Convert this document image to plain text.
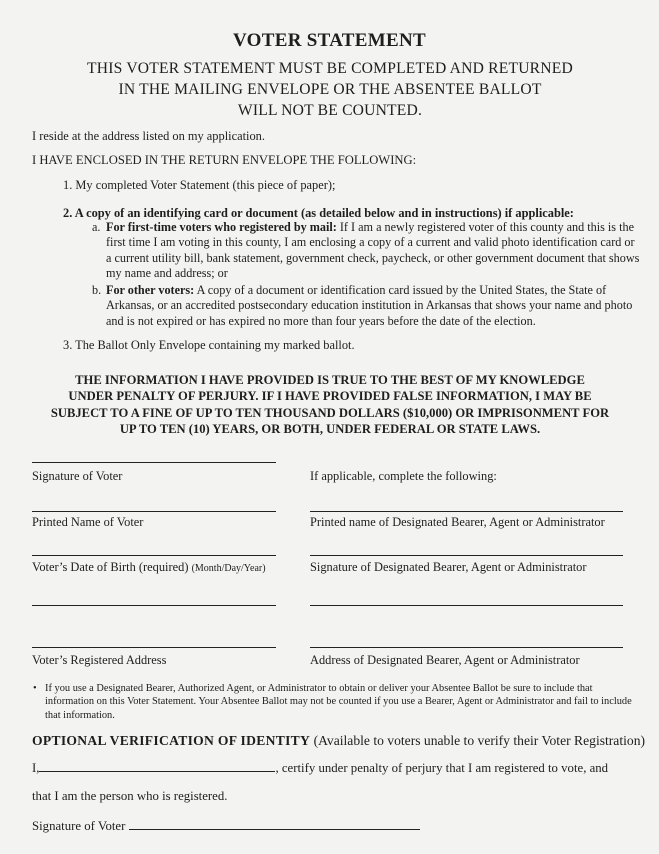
VOTER STATEMENT
THIS VOTER STATEMENT MUST BE COMPLETED AND RETURNED
IN THE MAILING ENVELOPE OR THE ABSENTEE BALLOT
WILL NOT BE COUNTED.
I reside at the address listed on my application.
I HAVE ENCLOSED IN THE RETURN ENVELOPE THE FOLLOWING:
1. My completed Voter Statement (this piece of paper);
2. A copy of an identifying card or document (as detailed below and in instructions) if applicable:
a. For first-time voters who registered by mail: If I am a newly registered voter of this county and this is the first time I am voting in this county, I am enclosing a copy of a current and valid photo identification card or a current utility bill, bank statement, government check, paycheck, or other government document that shows my name and address; or
b. For other voters: A copy of a document or identification card issued by the United States, the State of Arkansas, or an accredited postsecondary education institution in Arkansas that shows your name and photo and is not expired or has expired no more than four years before the date of the election.
3. The Ballot Only Envelope containing my marked ballot.
THE INFORMATION I HAVE PROVIDED IS TRUE TO THE BEST OF MY KNOWLEDGE
UNDER PENALTY OF PERJURY. IF I HAVE PROVIDED FALSE INFORMATION, I MAY BE
SUBJECT TO A FINE OF UP TO TEN THOUSAND DOLLARS ($10,000) OR IMPRISONMENT FOR
UP TO TEN (10) YEARS, OR BOTH, UNDER FEDERAL OR STATE LAWS.
Signature of Voter	If applicable, complete the following:
Printed Name of Voter	Printed name of Designated Bearer, Agent or Administrator
Voter’s Date of Birth (required) (Month/Day/Year)	Signature of Designated Bearer, Agent or Administrator
Voter’s Registered Address	Address of Designated Bearer, Agent or Administrator
• If you use a Designated Bearer, Authorized Agent, or Administrator to obtain or deliver your Absentee Ballot be sure to include that information on this Voter Statement. Your Absentee Ballot may not be counted if you use a Bearer, Agent or Administrator and fail to include that information.
OPTIONAL VERIFICATION OF IDENTITY (Available to voters unable to verify their Voter Registration)
I,	, certify under penalty of perjury that I am registered to vote, and
that I am the person who is registered.
Signature of Voter
